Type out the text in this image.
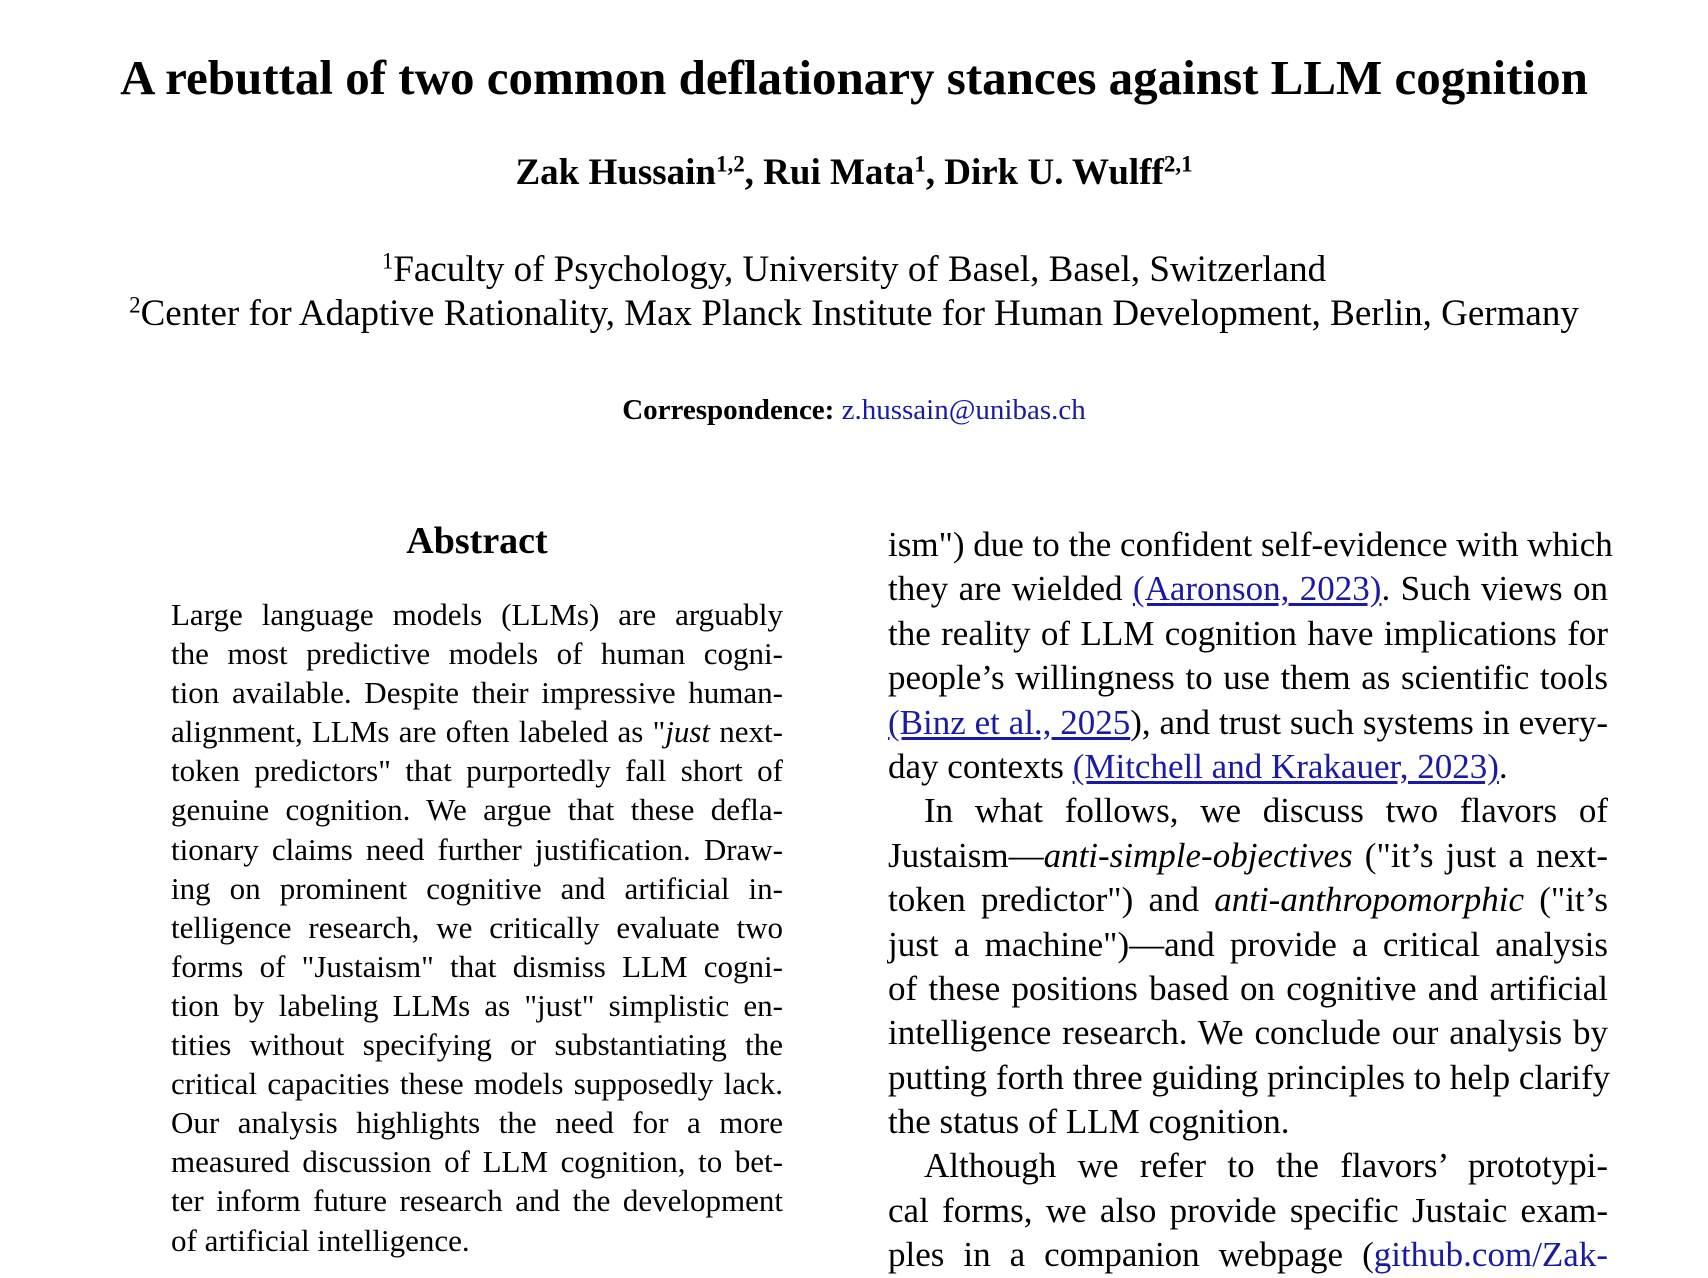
A rebuttal of two common deflationary stances against LLM cognition
Zak Hussain$^{1,2}$, Rui Mata$^1$, Dirk U. Wulff$^{2,1}$
$^1$Faculty of Psychology, University of Basel, Basel, Switzerland
$^2$Center for Adaptive Rationality, Max Planck Institute for Human Development, Berlin, Germany
Correspondence: z.hussain@unibas.ch
Abstract
Large language models (LLMs) are arguably
the most predictive models of human cogni-
tion available. Despite their impressive human-
alignment, LLMs are often labeled as "just next-
token predictors" that purportedly fall short of
genuine cognition. We argue that these defla-
tionary claims need further justification. Draw-
ing on prominent cognitive and artificial in-
telligence research, we critically evaluate two
forms of "Justaism" that dismiss LLM cogni-
tion by labeling LLMs as "just" simplistic en-
tities without specifying or substantiating the
critical capacities these models supposedly lack.
Our analysis highlights the need for a more
measured discussion of LLM cognition, to bet-
ter inform future research and the development
of artificial intelligence.
ism") due to the confident self-evidence with which
they are wielded (Aaronson, 2023). Such views on
the reality of LLM cognition have implications for
people’s willingness to use them as scientific tools
(Binz et al., 2025), and trust such systems in every-
day contexts (Mitchell and Krakauer, 2023).
In what follows, we discuss two flavors of
Justaism—anti-simple-objectives ("it’s just a next-
token predictor") and anti-anthropomorphic ("it’s
just a machine")—and provide a critical analysis
of these positions based on cognitive and artificial
intelligence research. We conclude our analysis by
putting forth three guiding principles to help clarify
the status of LLM cognition.
Although we refer to the flavors’ prototypi-
cal forms, we also provide specific Justaic exam-
ples in a companion webpage (github.com/Zak-
